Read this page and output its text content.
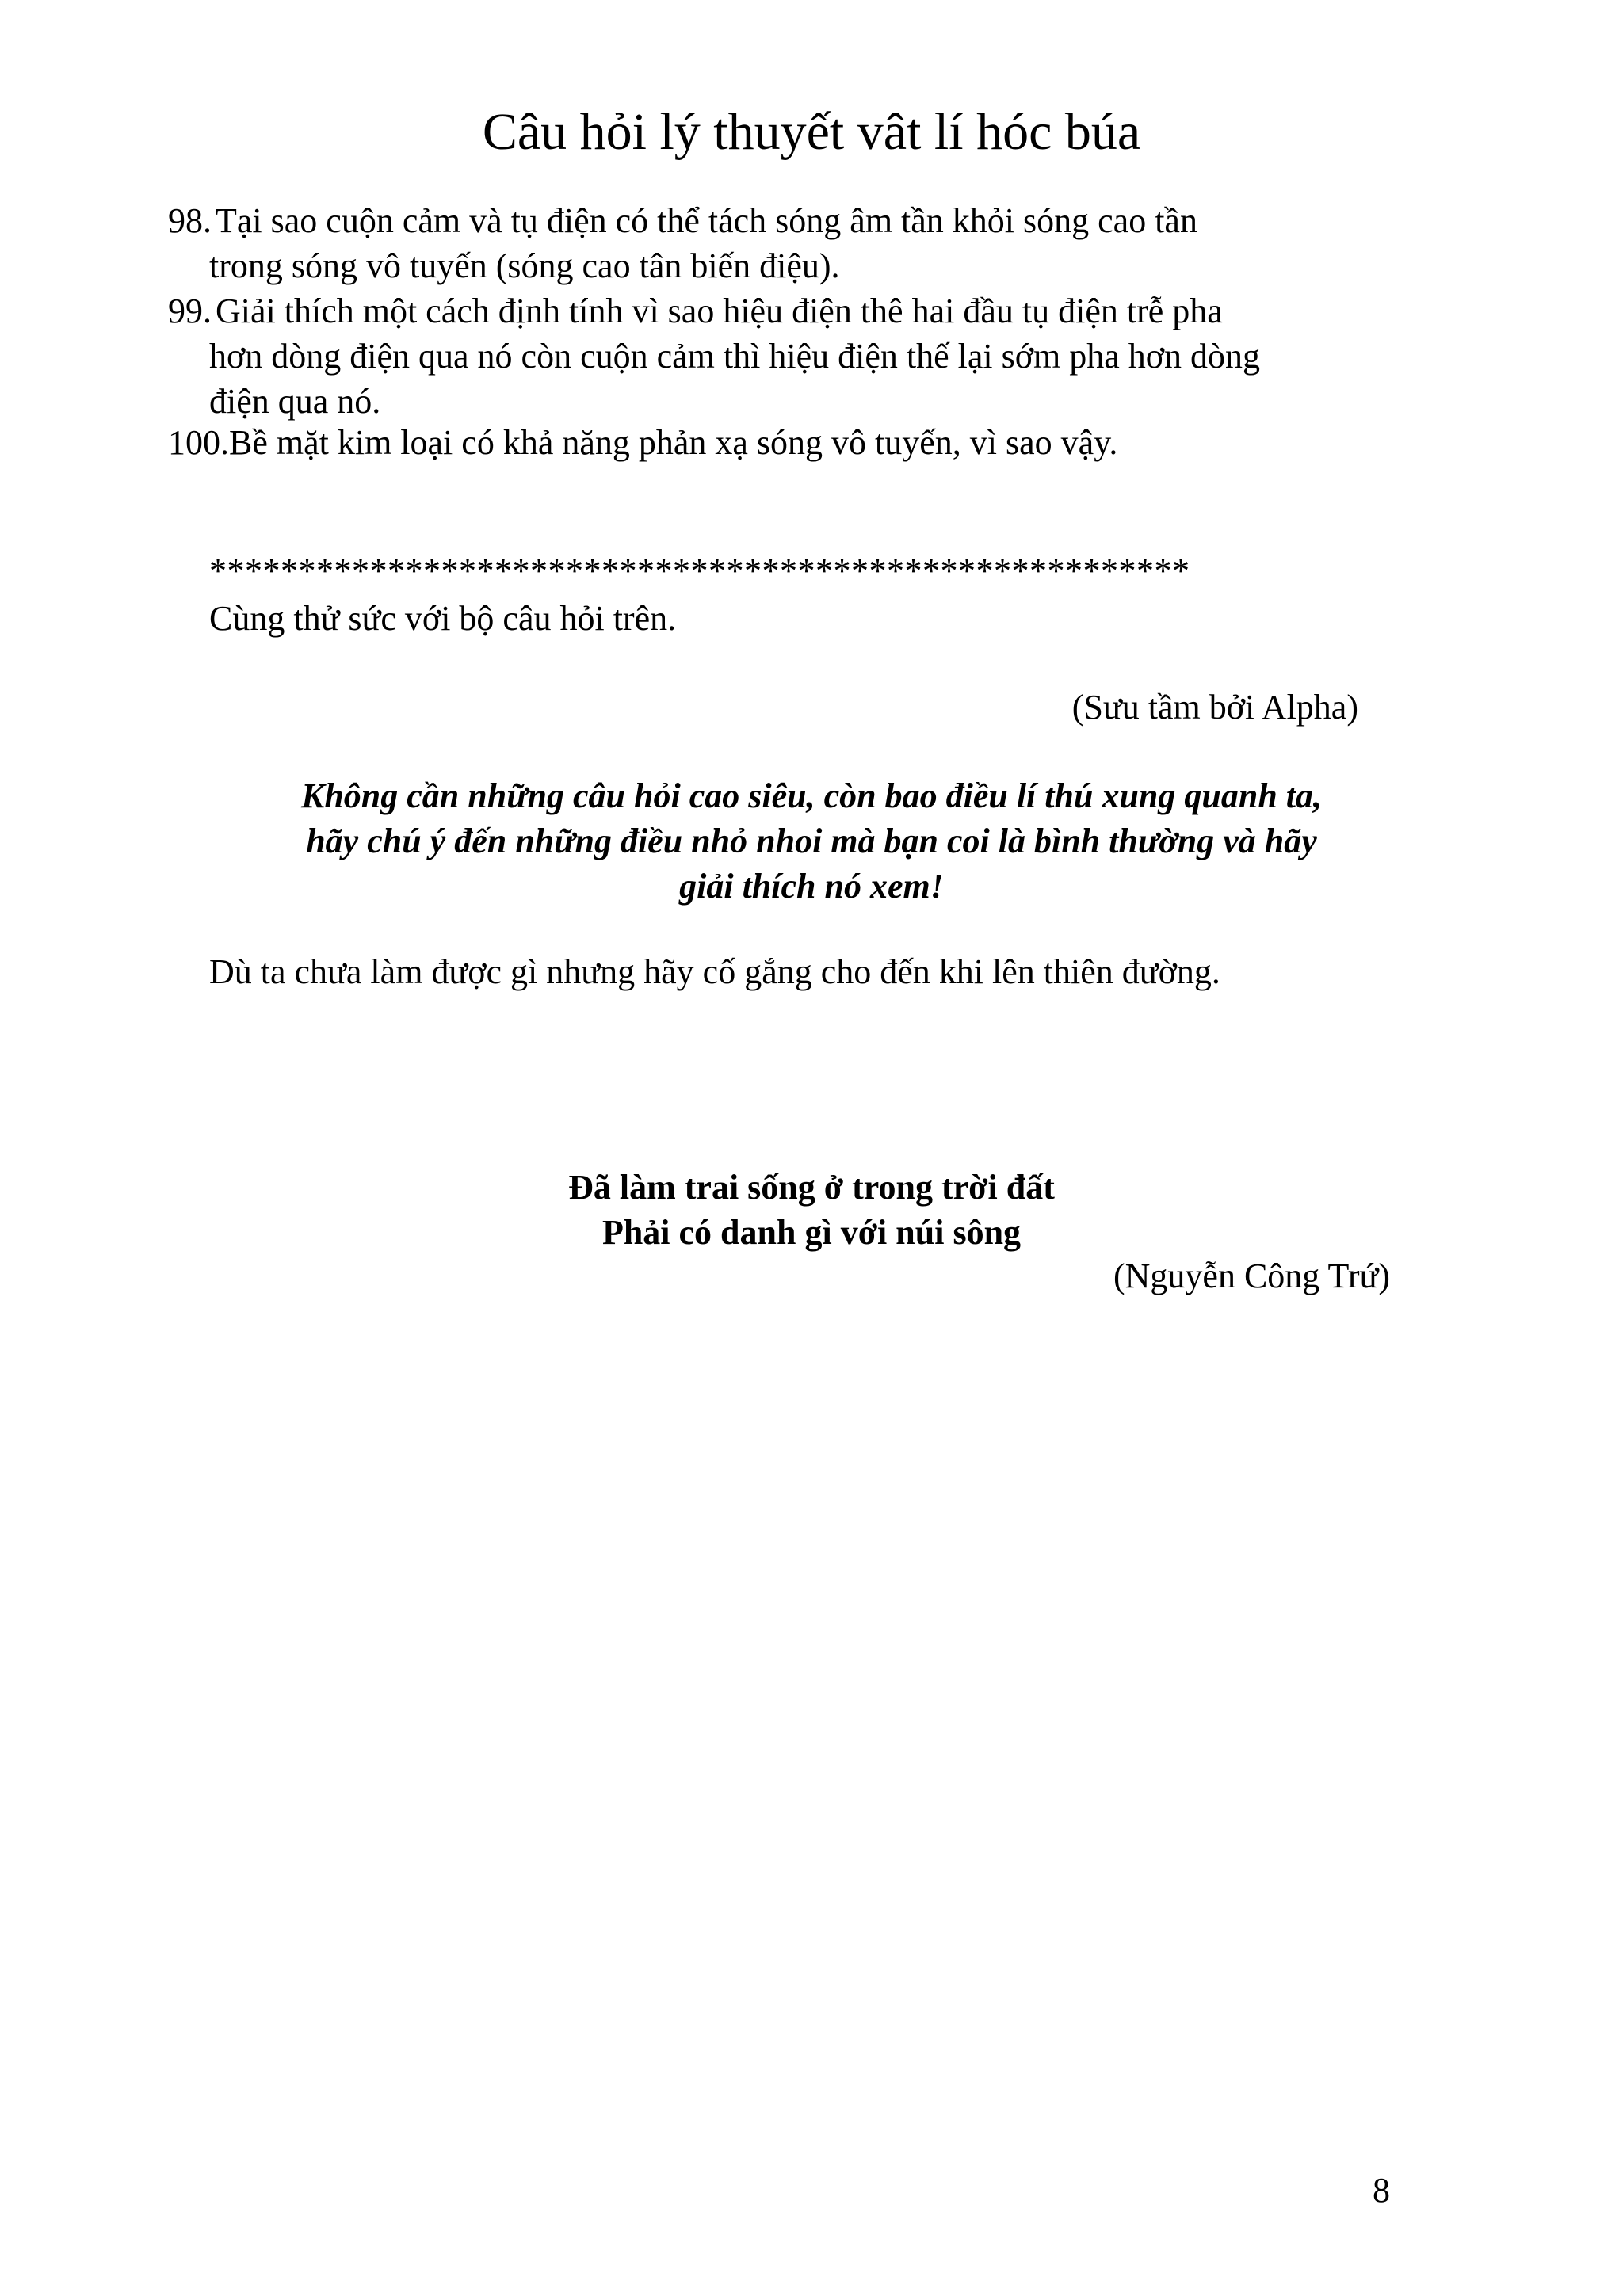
Câu hỏi lý thuyết vât lí hóc búa
98. Tại sao cuộn cảm và tụ điện có thể tách sóng âm tần khỏi sóng cao tần
trong sóng vô tuyến (sóng cao tân biến điệu).
99. Giải thích một cách định tính vì sao hiệu điện thê hai đầu tụ điện trễ pha
hơn dòng điện qua nó còn cuộn cảm thì hiệu điện thế lại sớm pha hơn dòng
điện qua nó.
100.Bề mặt kim loại có khả năng phản xạ sóng vô tuyến, vì sao vậy.
*******************************************************
Cùng thử sức với bộ câu hỏi trên.
(Sưu tầm bởi Alpha)
Không cần những câu hỏi cao siêu, còn bao điều lí thú xung quanh ta,
hãy chú ý đến những điều nhỏ nhoi mà bạn coi là bình thường và hãy
giải thích nó xem!
Dù ta chưa làm được gì nhưng hãy cố gắng cho đến khi lên thiên đường.
Đã làm trai sống ở trong trời đất
Phải có danh gì với núi sông
(Nguyễn Công Trứ)
8
